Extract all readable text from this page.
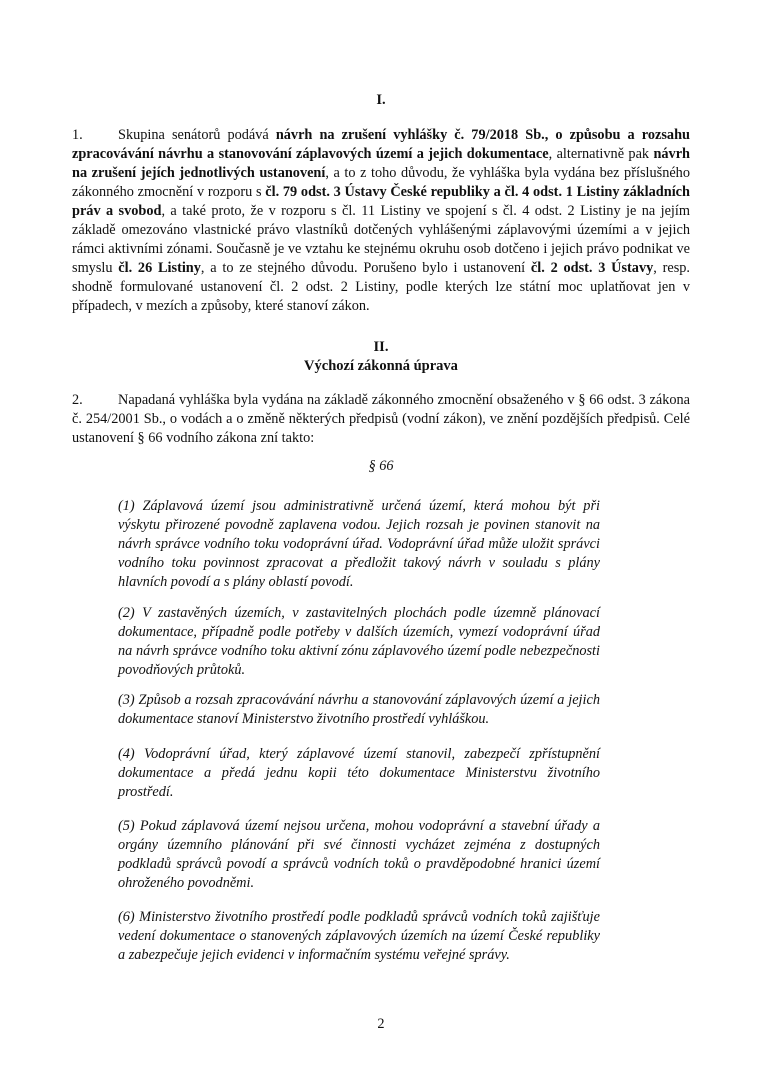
I.
1. Skupina senátorů podává návrh na zrušení vyhlášky č. 79/2018 Sb., o způsobu a rozsahu zpracovávání návrhu a stanovování záplavových území a jejich dokumentace, alternativně pak návrh na zrušení jejích jednotlivých ustanovení, a to z toho důvodu, že vyhláška byla vydána bez příslušného zákonného zmocnění v rozporu s čl. 79 odst. 3 Ústavy České republiky a čl. 4 odst. 1 Listiny základních práv a svobod, a také proto, že v rozporu s čl. 11 Listiny ve spojení s čl. 4 odst. 2 Listiny je na jejím základě omezováno vlastnické právo vlastníků dotčených vyhlášenými záplavovými územími a v jejich rámci aktivními zónami. Současně je ve vztahu ke stejnému okruhu osob dotčeno i jejich právo podnikat ve smyslu čl. 26 Listiny, a to ze stejného důvodu. Porušeno bylo i ustanovení čl. 2 odst. 3 Ústavy, resp. shodně formulované ustanovení čl. 2 odst. 2 Listiny, podle kterých lze státní moc uplatňovat jen v případech, v mezích a způsoby, které stanoví zákon.
II.
Výchozí zákonná úprava
2. Napadaná vyhláška byla vydána na základě zákonného zmocnění obsaženého v § 66 odst. 3 zákona č. 254/2001 Sb., o vodách a o změně některých předpisů (vodní zákon), ve znění pozdějších předpisů. Celé ustanovení § 66 vodního zákona zní takto:
§ 66
(1) Záplavová území jsou administrativně určená území, která mohou být při výskytu přirozené povodně zaplavena vodou. Jejich rozsah je povinen stanovit na návrh správce vodního toku vodoprávní úřad. Vodoprávní úřad může uložit správci vodního toku povinnost zpracovat a předložit takový návrh v souladu s plány hlavních povodí a s plány oblastí povodí.
(2) V zastavěných územích, v zastavitelných plochách podle územně plánovací dokumentace, případně podle potřeby v dalších územích, vymezí vodoprávní úřad na návrh správce vodního toku aktivní zónu záplavového území podle nebezpečnosti povodňových průtoků.
(3) Způsob a rozsah zpracovávání návrhu a stanovování záplavových území a jejich dokumentace stanoví Ministerstvo životního prostředí vyhláškou.
(4) Vodoprávní úřad, který záplavové území stanovil, zabezpečí zpřístupnění dokumentace a předá jednu kopii této dokumentace Ministerstvu životního prostředí.
(5) Pokud záplavová území nejsou určena, mohou vodoprávní a stavební úřady a orgány územního plánování při své činnosti vycházet zejména z dostupných podkladů správců povodí a správců vodních toků o pravděpodobné hranici území ohroženého povodněmi.
(6) Ministerstvo životního prostředí podle podkladů správců vodních toků zajišťuje vedení dokumentace o stanovených záplavových územích na území České republiky a zabezpečuje jejich evidenci v informačním systému veřejné správy.
2
